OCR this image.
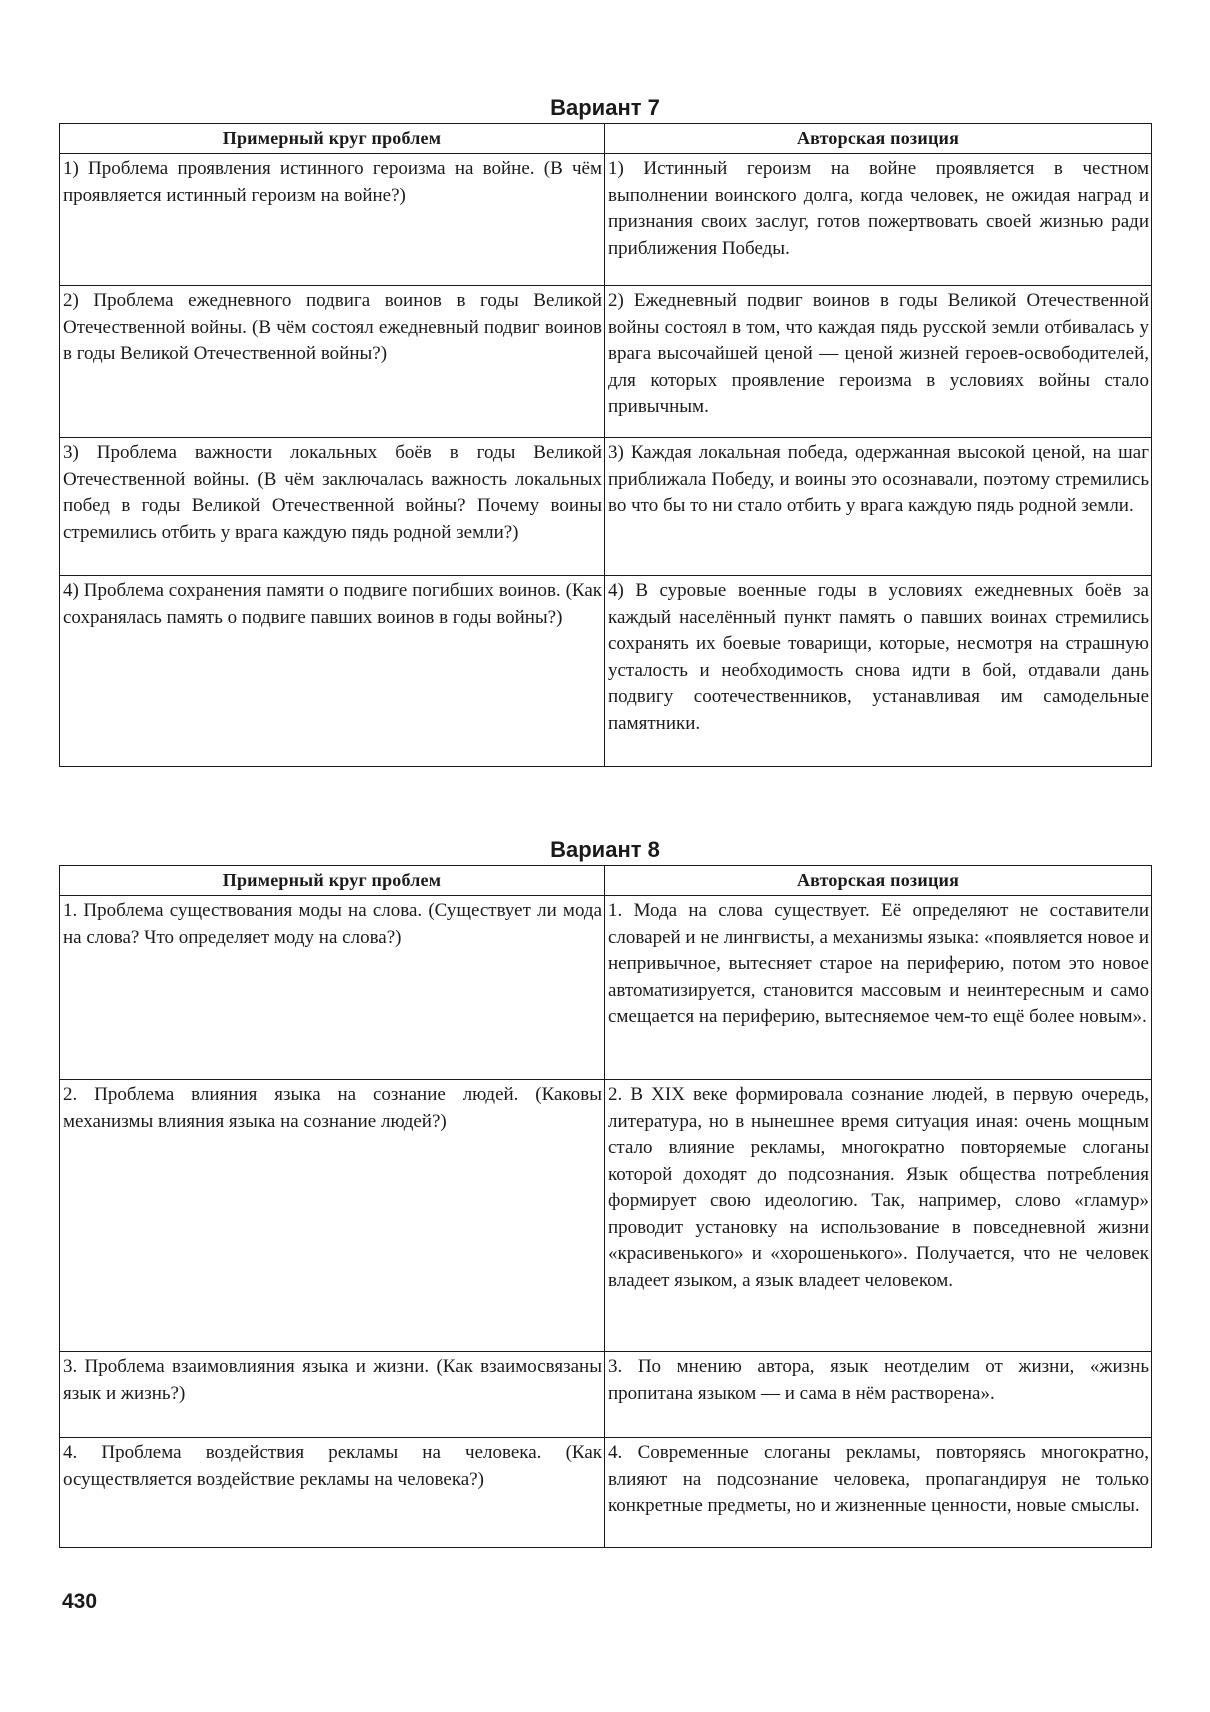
Вариант 7
Примерный круг проблем	Авторская позиция
1) Проблема проявления истинного героизма на войне. (В чём проявляется истинный героизм на войне?)	1) Истинный героизм на войне проявляется в честном выполнении воинского долга, когда человек, не ожидая наград и признания своих заслуг, готов пожертвовать своей жизнью ради приближения Победы.
2) Проблема ежедневного подвига воинов в годы Великой Отечественной войны. (В чём состоял ежедневный подвиг воинов в годы Великой Отечественной войны?)	2) Ежедневный подвиг воинов в годы Великой Отечественной войны состоял в том, что каждая пядь русской земли отбивалась у врага высочайшей ценой — ценой жизней героев-освободителей, для которых проявление героизма в условиях войны стало привычным.
3) Проблема важности локальных боёв в годы Великой Отечественной войны. (В чём заключалась важность локальных побед в годы Великой Отечественной войны? Почему воины стремились отбить у врага каждую пядь родной земли?)	3) Каждая локальная победа, одержанная высокой ценой, на шаг приближала Победу, и воины это осознавали, поэтому стремились во что бы то ни стало отбить у врага каждую пядь родной земли.
4) Проблема сохранения памяти о подвиге погибших воинов. (Как сохранялась память о подвиге павших воинов в годы войны?)	4) В суровые военные годы в условиях ежедневных боёв за каждый населённый пункт память о павших воинах стремились сохранять их боевые товарищи, которые, несмотря на страшную усталость и необходимость снова идти в бой, отдавали дань подвигу соотечественников, устанавливая им самодельные памятники.
Вариант 8
Примерный круг проблем	Авторская позиция
1. Проблема существования моды на слова. (Существует ли мода на слова? Что определяет моду на слова?)	1. Мода на слова существует. Её определяют не составители словарей и не лингвисты, а механизмы языка: «появляется новое и непривычное, вытесняет старое на периферию, потом это новое автоматизируется, становится массовым и неинтересным и само смещается на периферию, вытесняемое чем-то ещё более новым».
2. Проблема влияния языка на сознание людей. (Каковы механизмы влияния языка на сознание людей?)	2. В XIX веке формировала сознание людей, в первую очередь, литература, но в нынешнее время ситуация иная: очень мощным стало влияние рекламы, многократно повторяемые слоганы которой доходят до подсознания. Язык общества потребления формирует свою идеологию. Так, например, слово «гламур» проводит установку на использование в повседневной жизни «красивенького» и «хорошенького». Получается, что не человек владеет языком, а язык владеет человеком.
3. Проблема взаимовлияния языка и жизни. (Как взаимосвязаны язык и жизнь?)	3. По мнению автора, язык неотделим от жизни, «жизнь пропитана языком — и сама в нём растворена».
4. Проблема воздействия рекламы на человека. (Как осуществляется воздействие рекламы на человека?)	4. Современные слоганы рекламы, повторяясь многократно, влияют на подсознание человека, пропагандируя не только конкретные предметы, но и жизненные ценности, новые смыслы.
430
